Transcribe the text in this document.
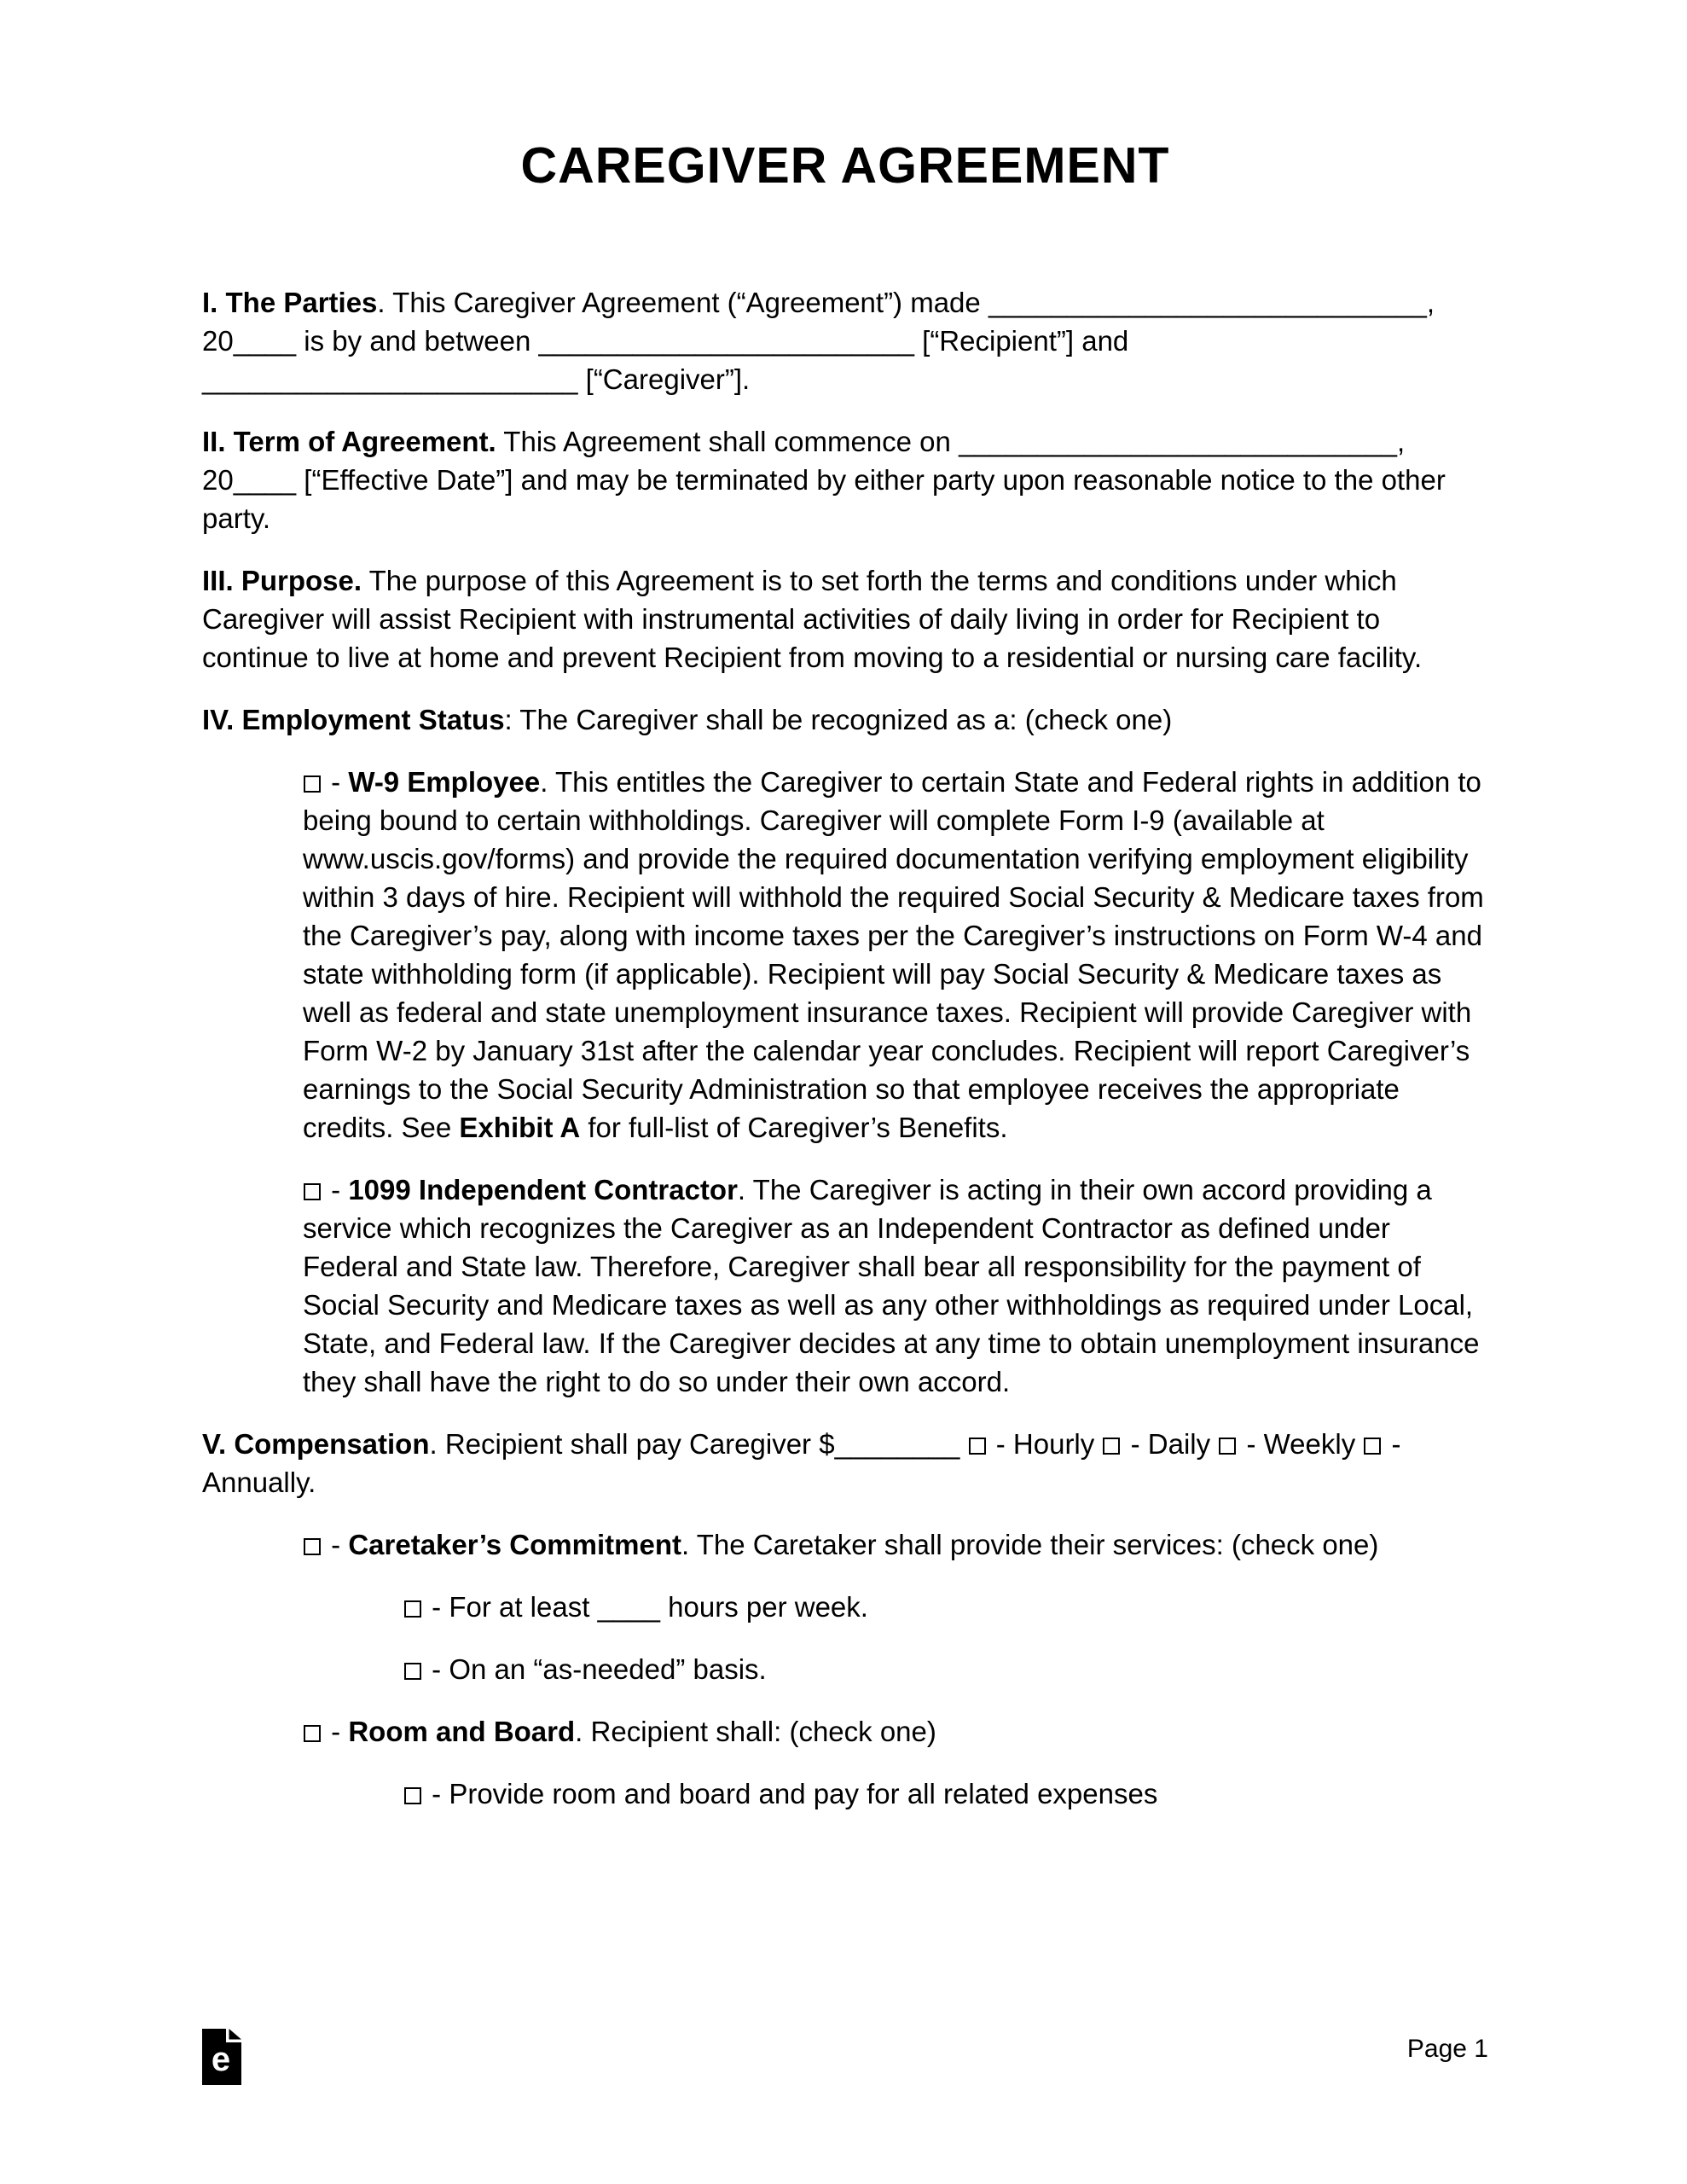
CAREGIVER AGREEMENT

I. The Parties. This Caregiver Agreement (“Agreement”) made ____________________________, 20____ is by and between ________________________ [“Recipient”] and ________________________ [“Caregiver”].

II. Term of Agreement. This Agreement shall commence on ____________________________, 20____ [“Effective Date”] and may be terminated by either party upon reasonable notice to the other party.

III. Purpose. The purpose of this Agreement is to set forth the terms and conditions under which Caregiver will assist Recipient with instrumental activities of daily living in order for Recipient to continue to live at home and prevent Recipient from moving to a residential or nursing care facility.

IV. Employment Status: The Caregiver shall be recognized as a: (check one)

- W-9 Employee. This entitles the Caregiver to certain State and Federal rights in addition to being bound to certain withholdings. Caregiver will complete Form I-9 (available at www.uscis.gov/forms) and provide the required documentation verifying employment eligibility within 3 days of hire. Recipient will withhold the required Social Security & Medicare taxes from the Caregiver’s pay, along with income taxes per the Caregiver’s instructions on Form W-4 and state withholding form (if applicable). Recipient will pay Social Security & Medicare taxes as well as federal and state unemployment insurance taxes. Recipient will provide Caregiver with Form W-2 by January 31st after the calendar year concludes. Recipient will report Caregiver’s earnings to the Social Security Administration so that employee receives the appropriate credits. See Exhibit A for full-list of Caregiver’s Benefits.

- 1099 Independent Contractor. The Caregiver is acting in their own accord providing a service which recognizes the Caregiver as an Independent Contractor as defined under Federal and State law. Therefore, Caregiver shall bear all responsibility for the payment of Social Security and Medicare taxes as well as any other withholdings as required under Local, State, and Federal law. If the Caregiver decides at any time to obtain unemployment insurance they shall have the right to do so under their own accord.

V. Compensation. Recipient shall pay Caregiver $________  - Hourly  - Daily  - Weekly  - Annually.

- Caretaker’s Commitment. The Caretaker shall provide their services: (check one)

- For at least ____ hours per week.

- On an “as-needed” basis.

- Room and Board. Recipient shall: (check one)

- Provide room and board and pay for all related expenses

e	Page 1
